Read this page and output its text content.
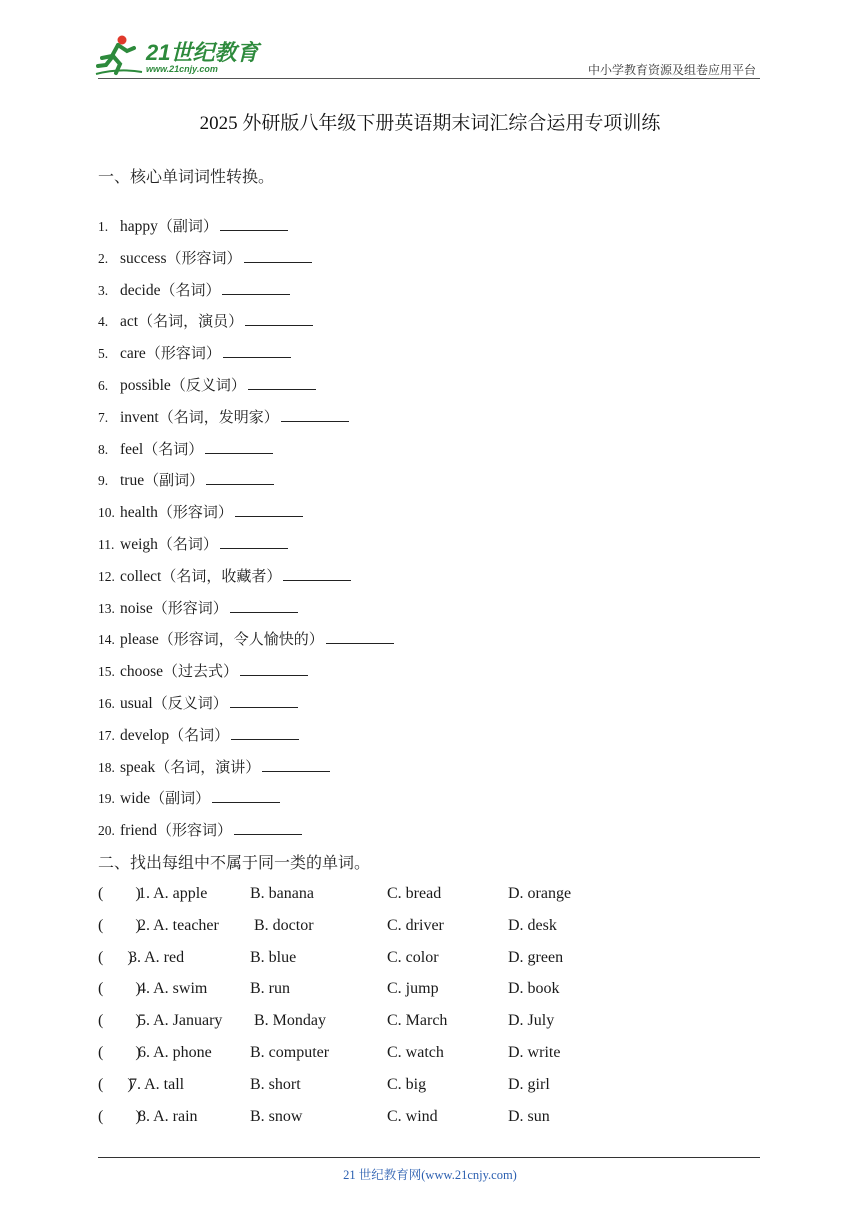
21世纪教育
www.21cnjy.com	中小学教育资源及组卷应用平台
2025 外研版八年级下册英语期末词汇综合运用专项训练
一、核心单词词性转换。
1. happy（副词）
2. success（形容词）
3. decide（名词）
4. act（名词，演员）
5. care（形容词）
6. possible（反义词）
7. invent（名词，发明家）
8. feel（名词）
9. true（副词）
10. health（形容词）
11. weigh（名词）
12. collect（名词，收藏者）
13. noise（形容词）
14. please（形容词，令人愉快的）
15. choose（过去式）
16. usual（反义词）
17. develop（名词）
18. speak（名词，演讲）
19. wide（副词）
20. friend（形容词）
二、找出每组中不属于同一类的单词。
(        )
1. A. apple	B. banana	C. bread	D. orange
(        )
2. A. teacher B. doctor	C. driver	D. desk
(      )
3. A. red	B. blue	C. color	D. green
(        )
4. A. swim	B. run	C. jump	D. book
(        )
5. A. January B. Monday	C. March	D. July
(        )
6. A. phone B. computer	C. watch	D. write
(      )
7. A. tall	B. short	C. big	D. girl
(        )
8. A. rain	B. snow	C. wind	D. sun
21 世纪教育网(www.21cnjy.com)
